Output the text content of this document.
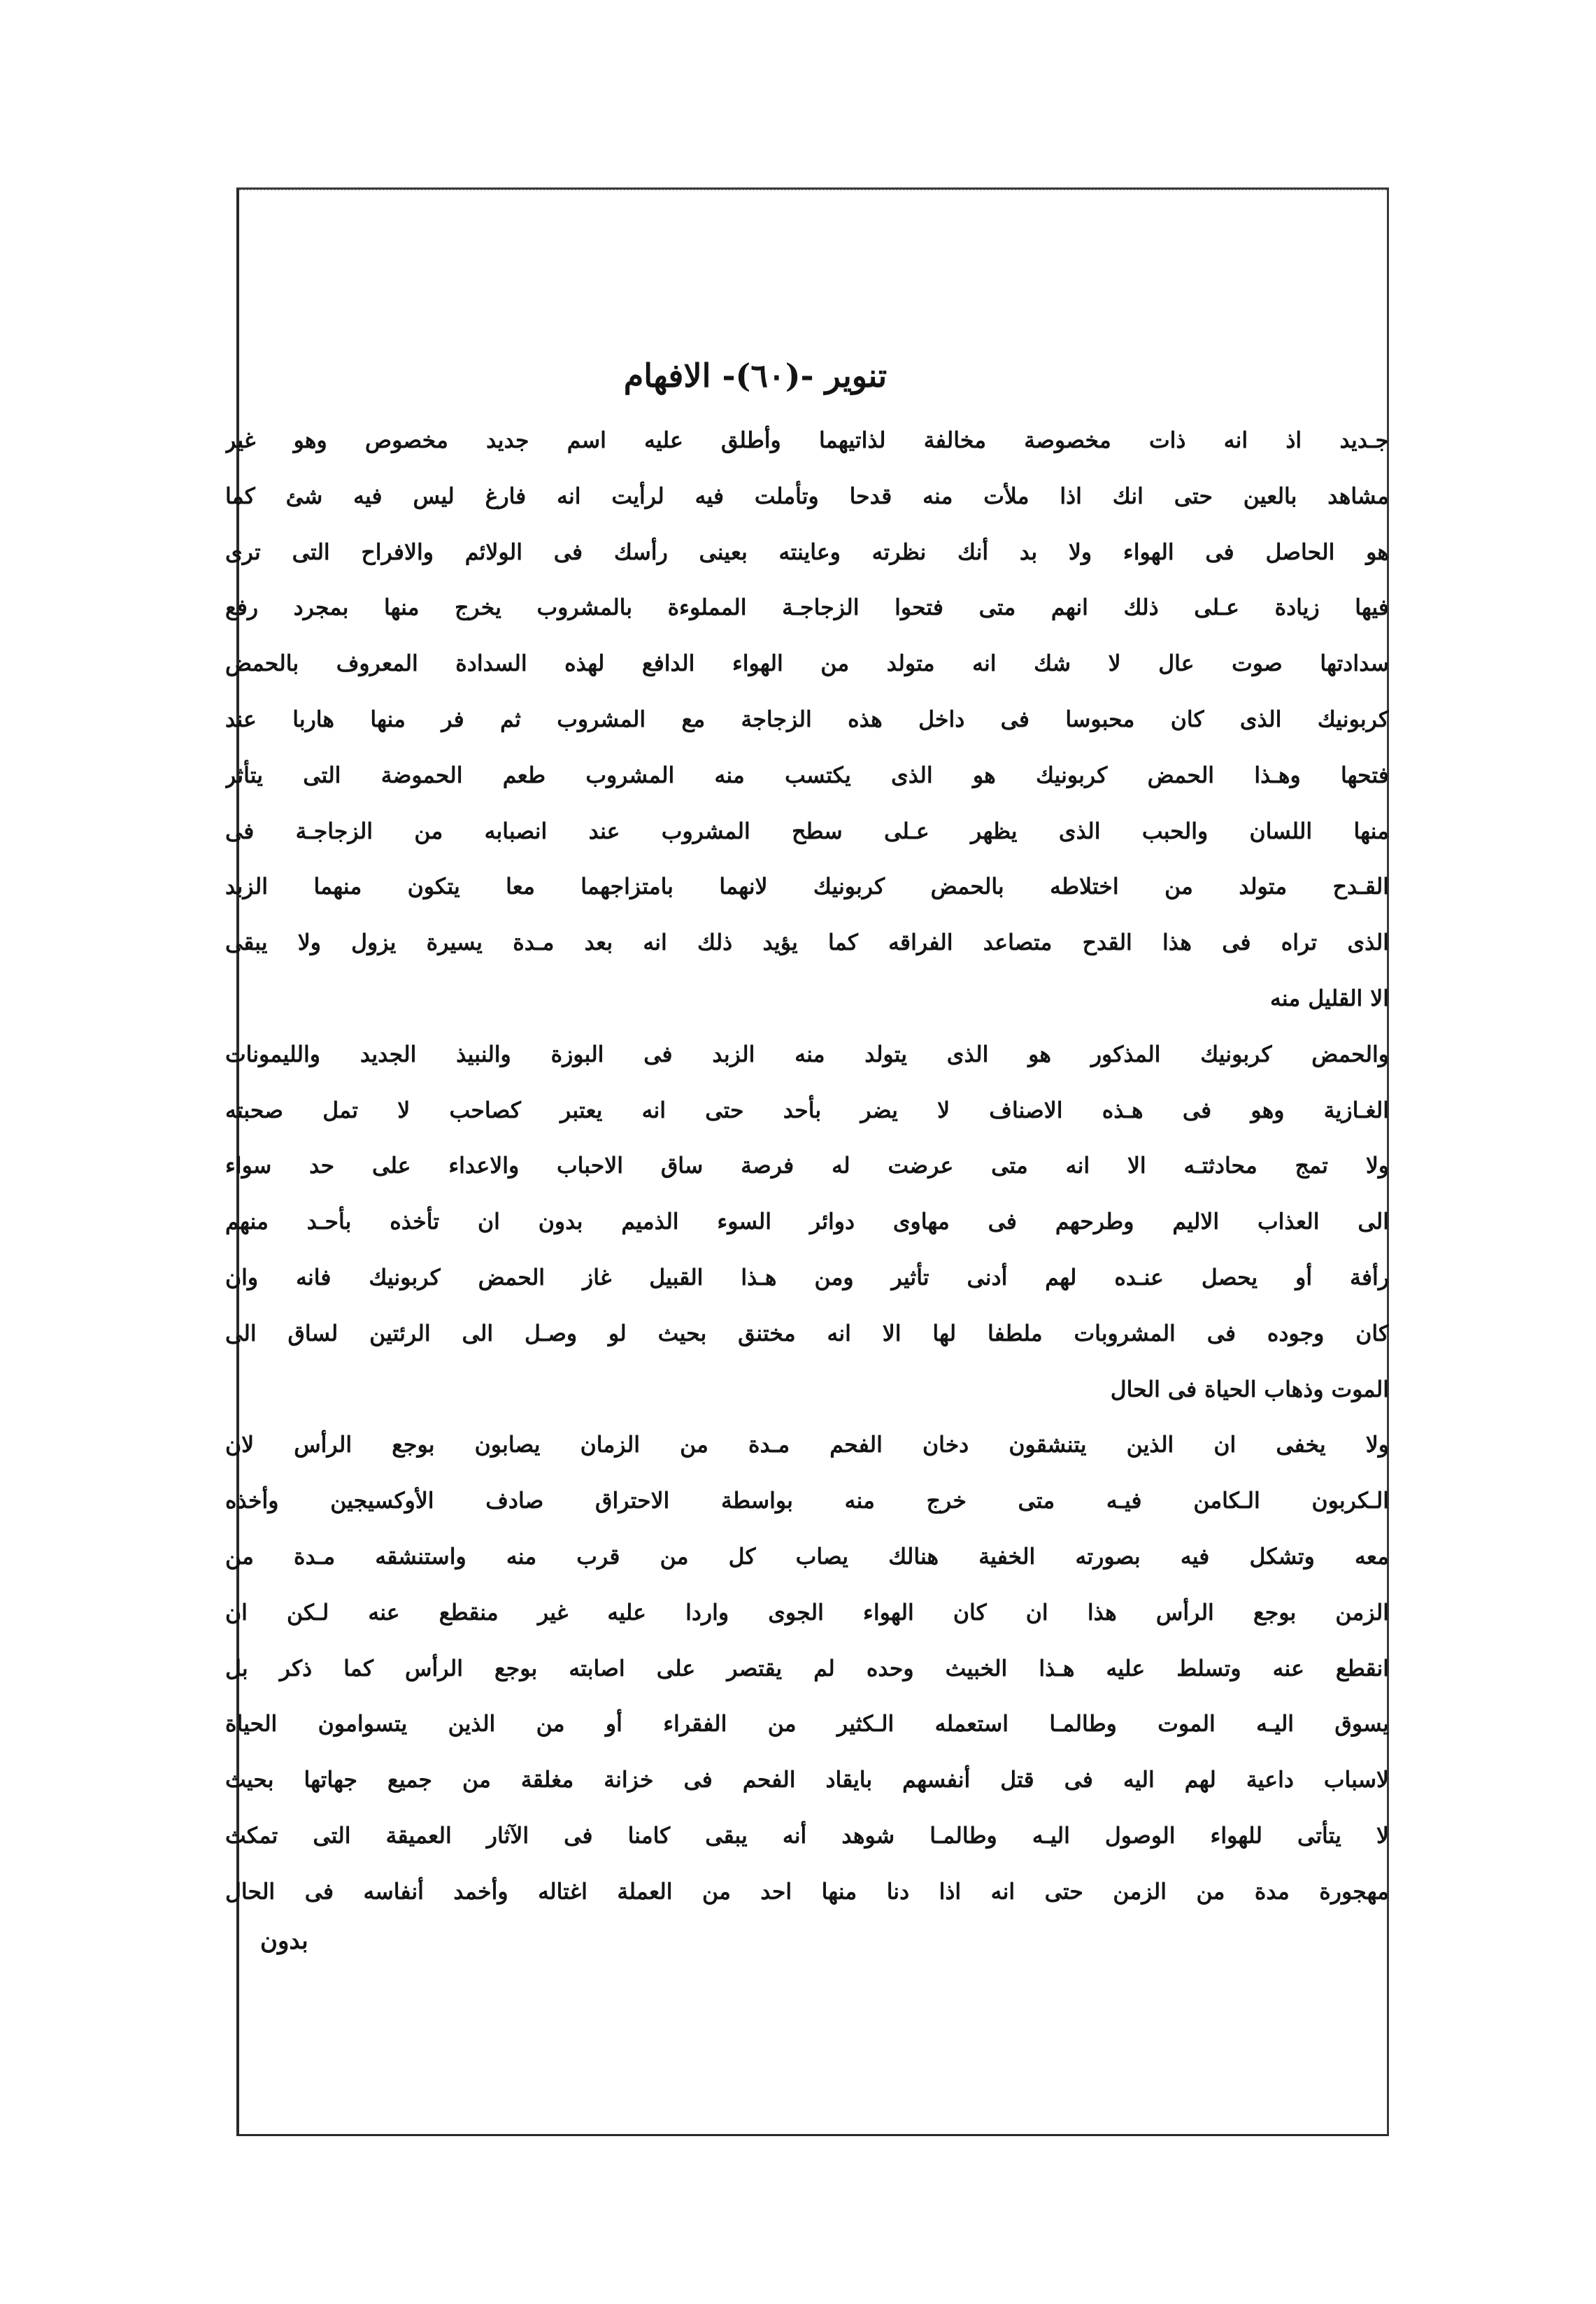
تنوير -(٦٠)- الافهام
جـديد اذ انه ذات مخصوصة مخالفة لذاتيهما وأطلق عليه اسم جديد مخصوص وهو غير
مشاهد بالعين حتى انك اذا ملأت منه قدحا وتأملت فيه لرأيت انه فارغ ليس فيه شئ كما
هو الحاصل فى الهواء ولا بد أنك نظرته وعاينته بعينى رأسك فى الولائم والافراح التى ترى
فيها زيادة عـلى ذلك انهم متى فتحوا الزجاجـة المملوءة بالمشروب يخرج منها بمجرد رفع
سدادتها صوت عال لا شك انه متولد من الهواء الدافع لهذه السدادة المعروف بالحمض
كربونيك الذى كان محبوسا فى داخل هذه الزجاجة مع المشروب ثم فر منها هاربا عند
فتحها وهـذا الحمض كربونيك هو الذى يكتسب منه المشروب طعم الحموضة التى يتأثر
منها اللسان والحبب الذى يظهر عـلى سطح المشروب عند انصبابه من الزجاجـة فى
القـدح متولد من اختلاطه بالحمض كربونيك لانهما بامتزاجهما معا يتكون منهما الزبد
الذى تراه فى هذا القدح متصاعد الفراقه كما يؤيد ذلك انه بعد مـدة يسيرة يزول ولا يبقى
الا القليل منه
والحمض كربونيك المذكور هو الذى يتولد منه الزبد فى البوزة والنبيذ الجديد والليمونات
الغـازية وهو فى هـذه الاصناف لا يضر بأحد حتى انه يعتبر كصاحب لا تمل صحبته
ولا تمج محادثتـه الا انه متى عرضت له فرصة ساق الاحباب والاعداء على حد سواء
الى العذاب الاليم وطرحهم فى مهاوى دوائر السوء الذميم بدون ان تأخذه بأحـد منهم
رأفة أو يحصل عنـده لهم أدنى تأثير ومن هـذا القبيل غاز الحمض كربونيك فانه وان
كان وجوده فى المشروبات ملطفا لها الا انه مختنق بحيث لو وصـل الى الرئتين لساق الى
الموت وذهاب الحياة فى الحال
ولا يخفى ان الذين يتنشقون دخان الفحم مـدة من الزمان يصابون بوجع الرأس لان
الـكربون الـكامن فيـه متى خرج منه بواسطة الاحتراق صادف الأوكسيجين وأخذه
معه وتشكل فيه بصورته الخفية هنالك يصاب كل من قرب منه واستنشقه مـدة من
الزمن بوجع الرأس هذا ان كان الهواء الجوى واردا عليه غير منقطع عنه لـكن ان
انقطع عنه وتسلط عليه هـذا الخبيث وحده لم يقتصر على اصابته بوجع الرأس كما ذكر بل
يسوق اليـه الموت وطالمـا استعمله الـكثير من الفقراء أو من الذين يتسوامون الحياة
لاسباب داعية لهم اليه فى قتل أنفسهم بايقاد الفحم فى خزانة مغلقة من جميع جهاتها بحيث
لا يتأتى للهواء الوصول اليـه وطالمـا شوهد أنه يبقى كامنا فى الآثار العميقة التى تمكث
مهجورة مدة من الزمن حتى انه اذا دنا منها احد من العملة اغتاله وأخمد أنفاسه فى الحال
بدون
